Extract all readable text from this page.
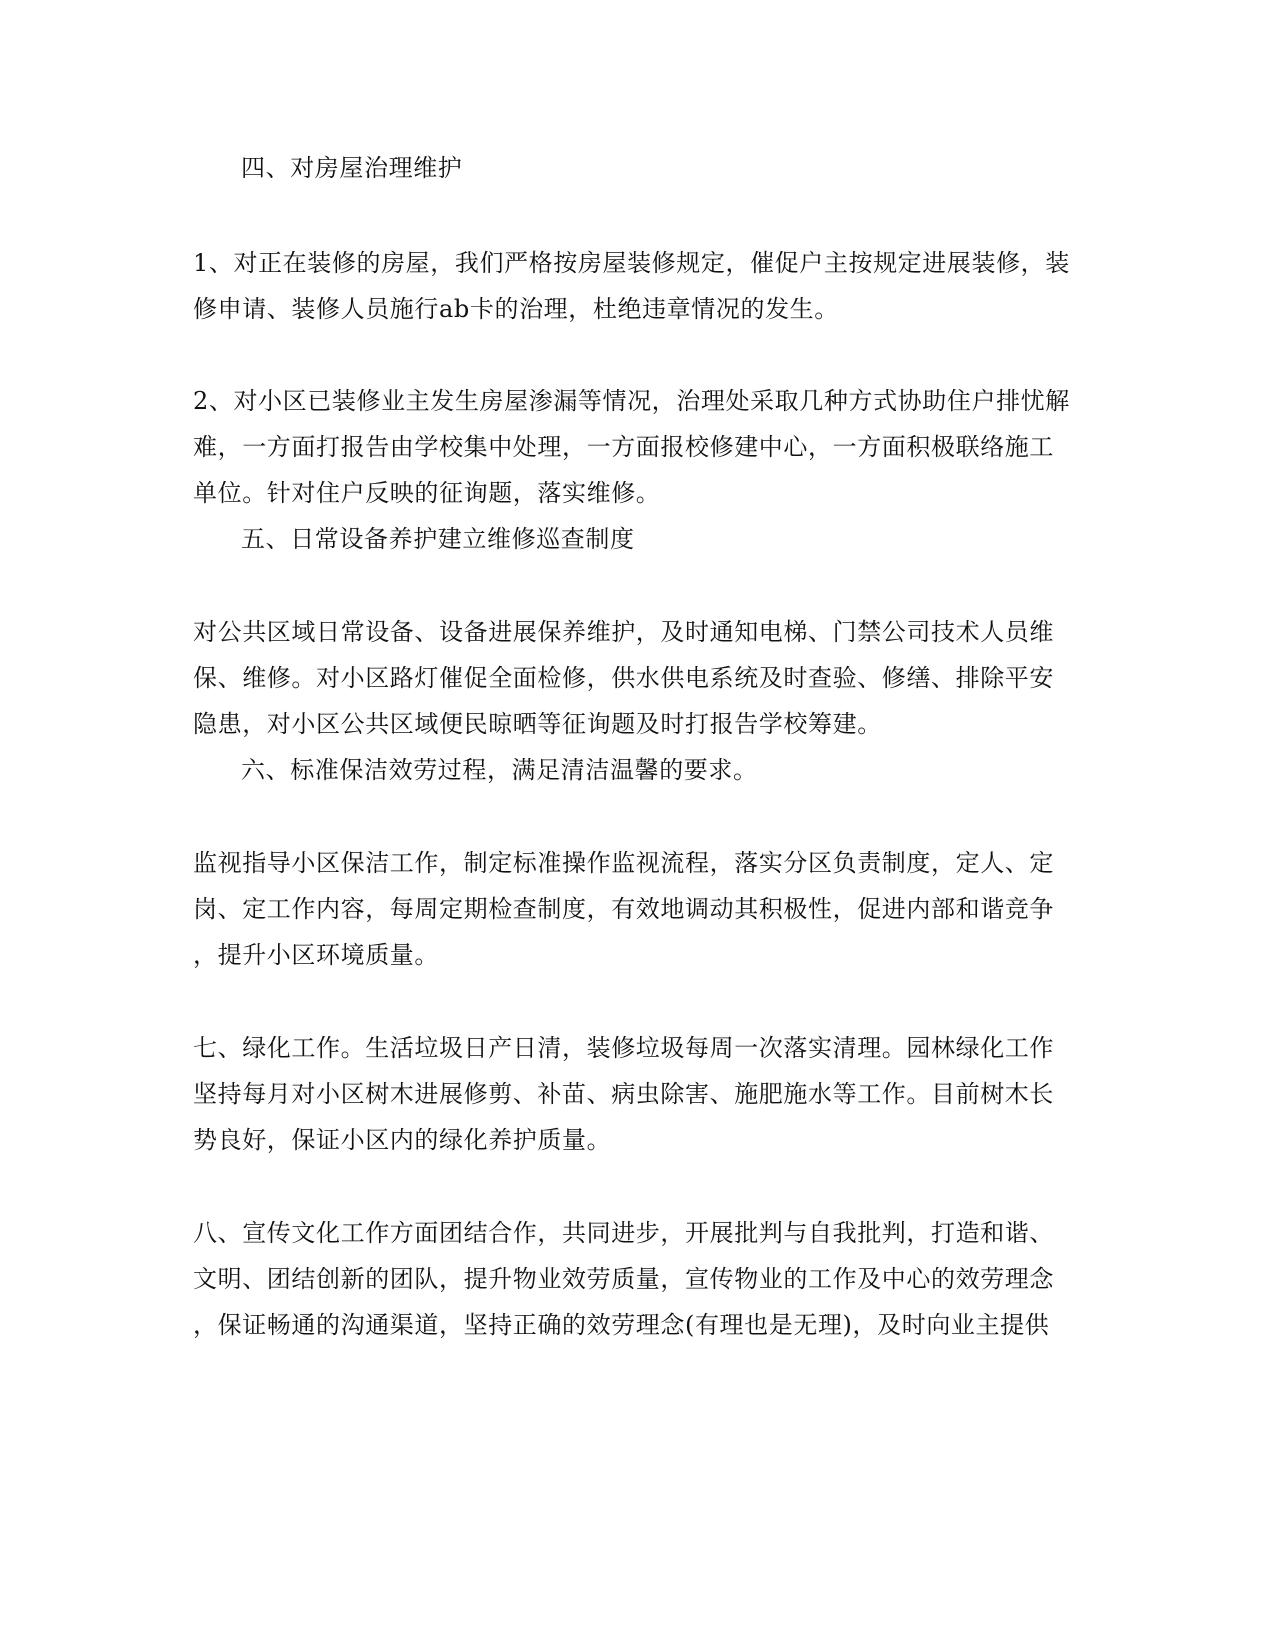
四、对房屋治理维护
1、对正在装修的房屋，我们严格按房屋装修规定，催促户主按规定进展装修，装
修申请、装修人员施行ab卡的治理，杜绝违章情况的发生。
2、对小区已装修业主发生房屋渗漏等情况，治理处采取几种方式协助住户排忧解
难，一方面打报告由学校集中处理，一方面报校修建中心，一方面积极联络施工
单位。针对住户反映的征询题，落实维修。
五、日常设备养护建立维修巡查制度
对公共区域日常设备、设备进展保养维护，及时通知电梯、门禁公司技术人员维
保、维修。对小区路灯催促全面检修，供水供电系统及时查验、修缮、排除平安
隐患，对小区公共区域便民晾晒等征询题及时打报告学校筹建。
六、标准保洁效劳过程，满足清洁温馨的要求。
监视指导小区保洁工作，制定标准操作监视流程，落实分区负责制度，定人、定
岗、定工作内容，每周定期检查制度，有效地调动其积极性，促进内部和谐竞争
，提升小区环境质量。
七、绿化工作。生活垃圾日产日清，装修垃圾每周一次落实清理。园林绿化工作
坚持每月对小区树木进展修剪、补苗、病虫除害、施肥施水等工作。目前树木长
势良好，保证小区内的绿化养护质量。
八、宣传文化工作方面团结合作，共同进步，开展批判与自我批判，打造和谐、
文明、团结创新的团队，提升物业效劳质量，宣传物业的工作及中心的效劳理念
，保证畅通的沟通渠道，坚持正确的效劳理念(有理也是无理)，及时向业主提供
